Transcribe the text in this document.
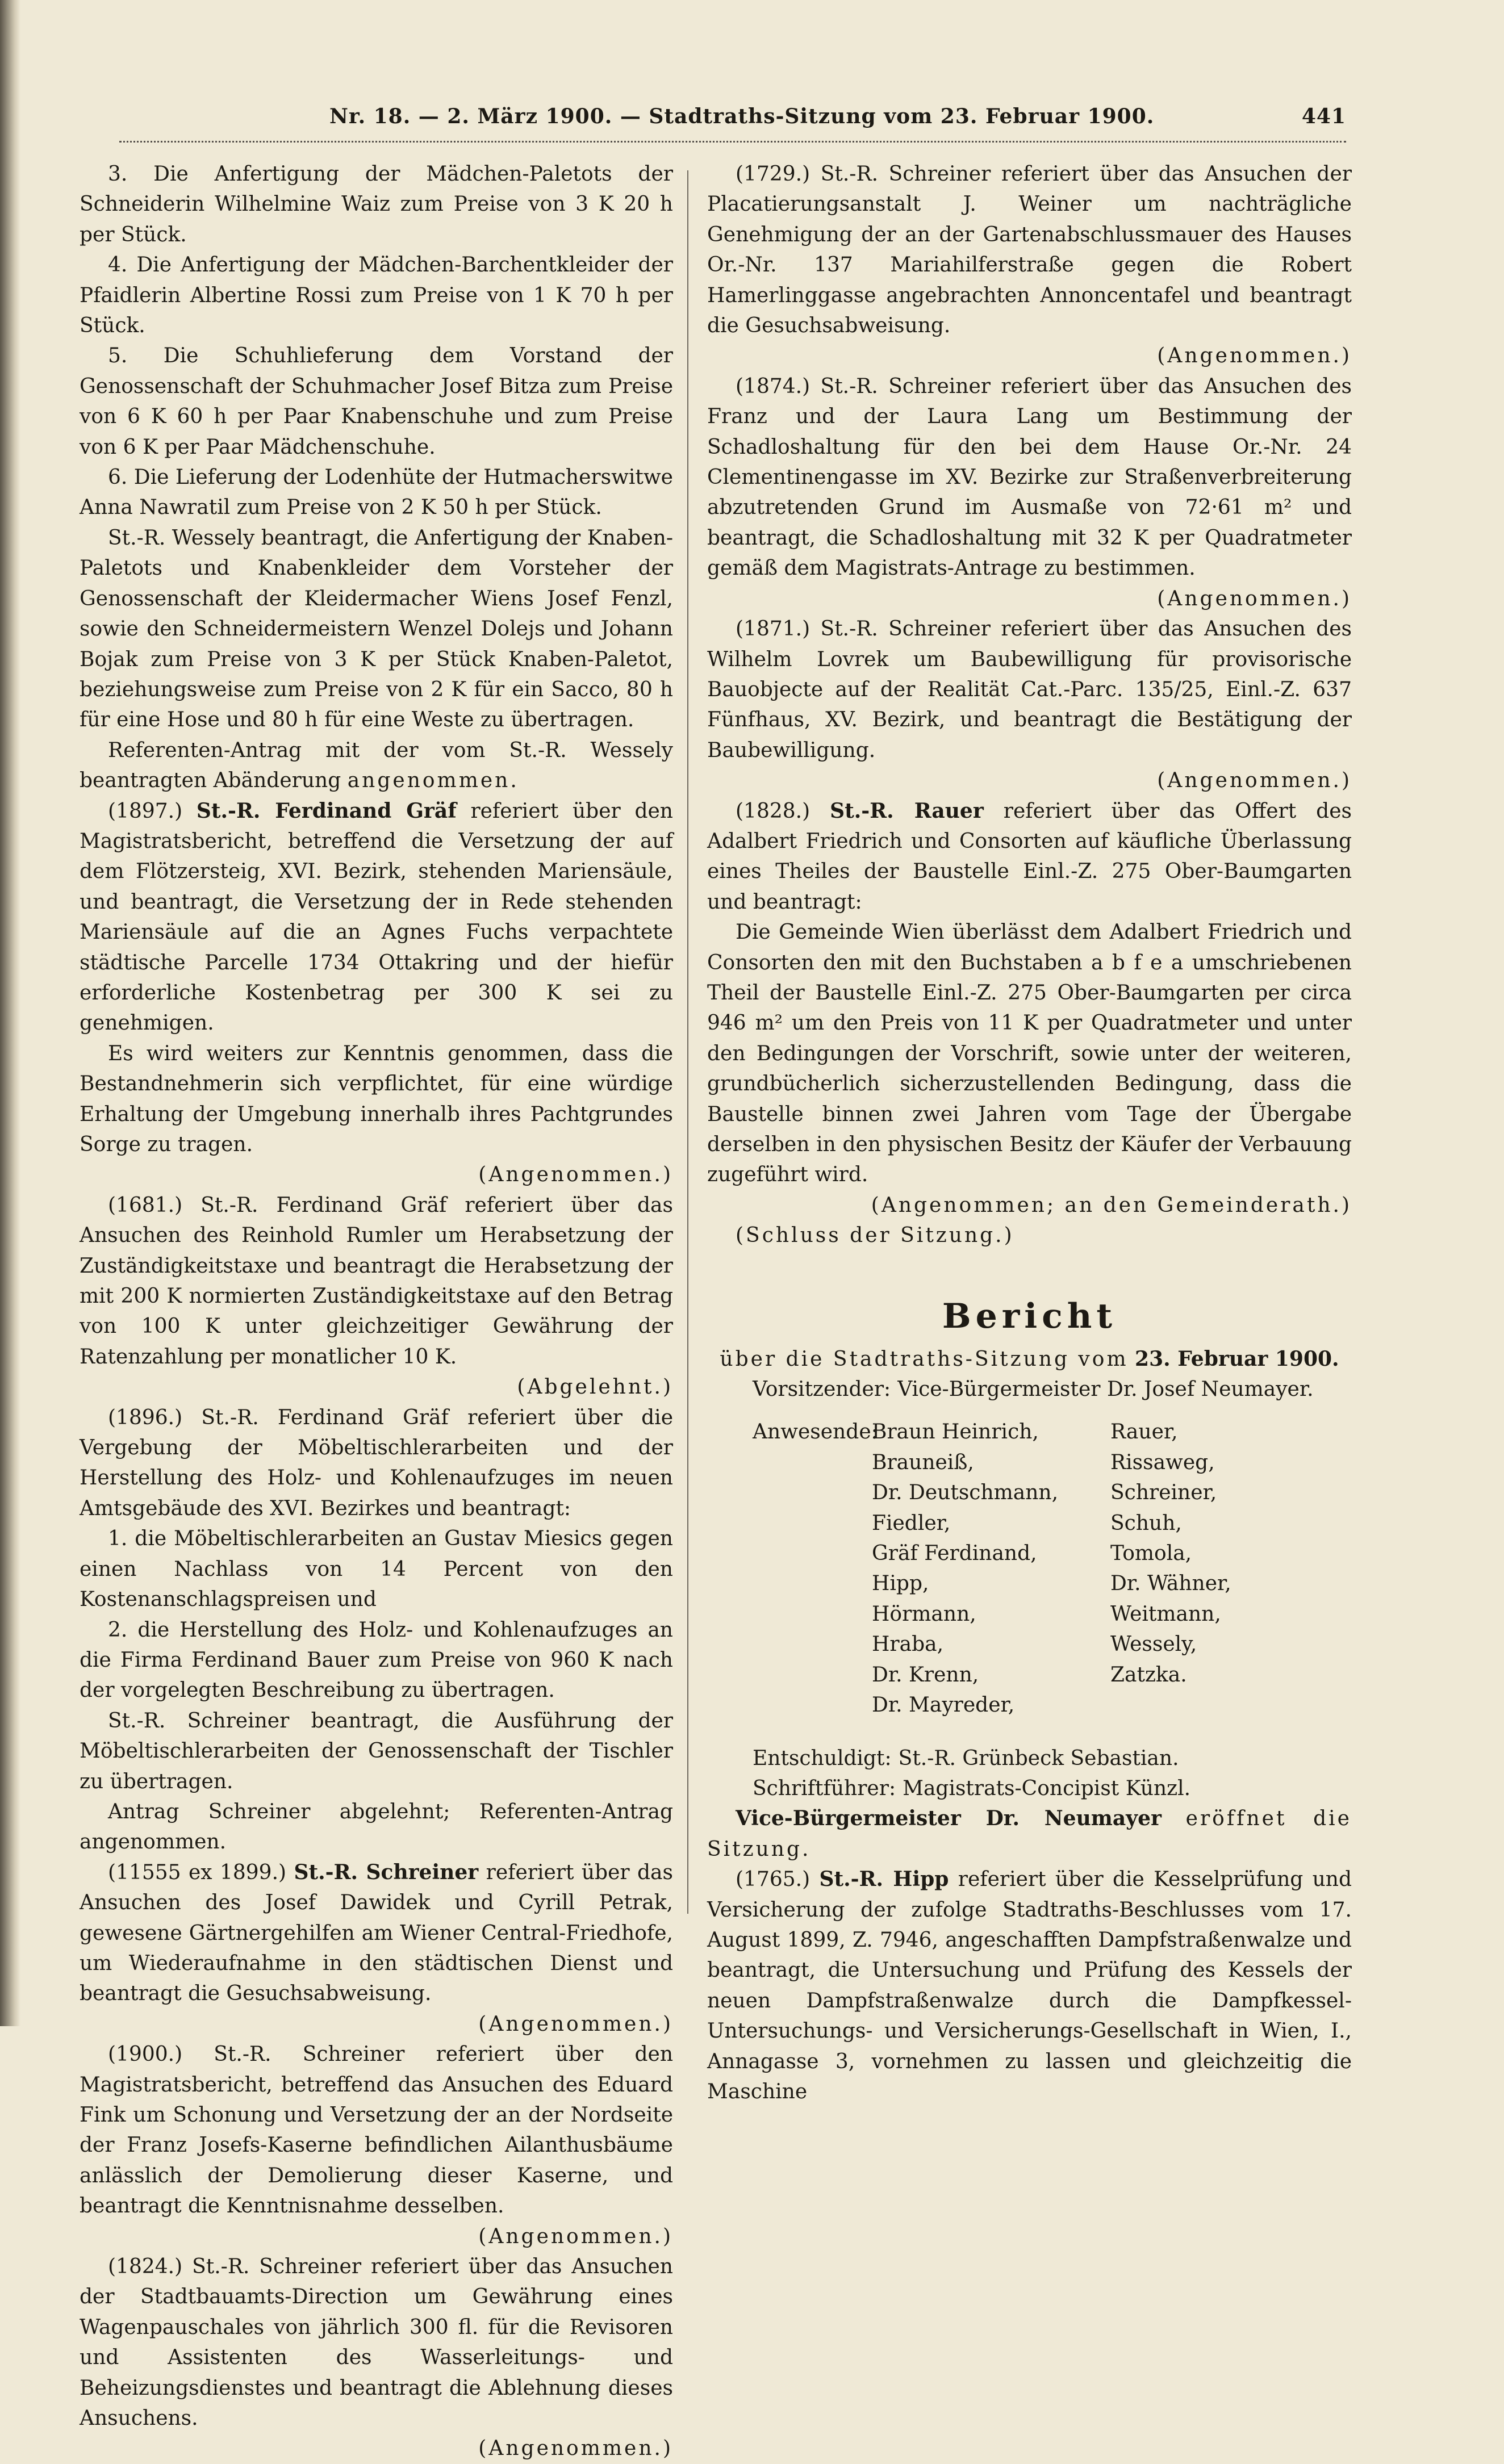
Nr. 18. — 2. März 1900. — Stadtraths-Sitzung vom 23. Februar 1900.	441

3. Die Anfertigung der Mädchen-Paletots der Schneiderin Wilhelmine Waiz zum Preise von 3 K 20 h per Stück.

4. Die Anfertigung der Mädchen-Barchentkleider der Pfaidlerin Albertine Rossi zum Preise von 1 K 70 h per Stück.

5. Die Schuhlieferung dem Vorstand der Genossenschaft der Schuhmacher Josef Bitza zum Preise von 6 K 60 h per Paar Knabenschuhe und zum Preise von 6 K per Paar Mädchenschuhe.

6. Die Lieferung der Lodenhüte der Hutmacherswitwe Anna Nawratil zum Preise von 2 K 50 h per Stück.

St.-R. Wessely beantragt, die Anfertigung der Knaben-Paletots und Knabenkleider dem Vorsteher der Genossenschaft der Kleidermacher Wiens Josef Fenzl, sowie den Schneidermeistern Wenzel Dolejs und Johann Bojak zum Preise von 3 K per Stück Knaben-Paletot, beziehungsweise zum Preise von 2 K für ein Sacco, 80 h für eine Hose und 80 h für eine Weste zu übertragen.

Referenten-Antrag mit der vom St.-R. Wessely beantragten Abänderung angenommen.

(1897.) St.-R. Ferdinand Gräf referiert über den Magistratsbericht, betreffend die Versetzung der auf dem Flötzersteig, XVI. Bezirk, stehenden Mariensäule, und beantragt, die Versetzung der in Rede stehenden Mariensäule auf die an Agnes Fuchs verpachtete städtische Parcelle 1734 Ottakring und der hiefür erforderliche Kostenbetrag per 300 K sei zu genehmigen.

Es wird weiters zur Kenntnis genommen, dass die Bestandnehmerin sich verpflichtet, für eine würdige Erhaltung der Umgebung innerhalb ihres Pachtgrundes Sorge zu tragen.

(Angenommen.)

(1681.) St.-R. Ferdinand Gräf referiert über das Ansuchen des Reinhold Rumler um Herabsetzung der Zuständigkeitstaxe und beantragt die Herabsetzung der mit 200 K normierten Zuständigkeitstaxe auf den Betrag von 100 K unter gleichzeitiger Gewährung der Ratenzahlung per monatlicher 10 K.

(Abgelehnt.)

(1896.) St.-R. Ferdinand Gräf referiert über die Vergebung der Möbeltischlerarbeiten und der Herstellung des Holz- und Kohlenaufzuges im neuen Amtsgebäude des XVI. Bezirkes und beantragt:

1. die Möbeltischlerarbeiten an Gustav Miesics gegen einen Nachlass von 14 Percent von den Kostenanschlagspreisen und

2. die Herstellung des Holz- und Kohlenaufzuges an die Firma Ferdinand Bauer zum Preise von 960 K nach der vorgelegten Beschreibung zu übertragen.

St.-R. Schreiner beantragt, die Ausführung der Möbeltischlerarbeiten der Genossenschaft der Tischler zu übertragen.

Antrag Schreiner abgelehnt; Referenten-Antrag angenommen.

(11555 ex 1899.) St.-R. Schreiner referiert über das Ansuchen des Josef Dawidek und Cyrill Petrak, gewesene Gärtnergehilfen am Wiener Central-Friedhofe, um Wiederaufnahme in den städtischen Dienst und beantragt die Gesuchsabweisung.

(Angenommen.)

(1900.) St.-R. Schreiner referiert über den Magistratsbericht, betreffend das Ansuchen des Eduard Fink um Schonung und Versetzung der an der Nordseite der Franz Josefs-Kaserne befindlichen Ailanthusbäume anlässlich der Demolierung dieser Kaserne, und beantragt die Kenntnisnahme desselben.

(Angenommen.)

(1824.) St.-R. Schreiner referiert über das Ansuchen der Stadtbauamts-Direction um Gewährung eines Wagenpauschales von jährlich 300 fl. für die Revisoren und Assistenten des Wasserleitungs- und Beheizungsdienstes und beantragt die Ablehnung dieses Ansuchens.

(Angenommen.)

(1729.) St.-R. Schreiner referiert über das Ansuchen der Placatierungsanstalt J. Weiner um nachträgliche Genehmigung der an der Gartenabschlussmauer des Hauses Or.-Nr. 137 Mariahilferstraße gegen die Robert Hamerlinggasse angebrachten Annoncentafel und beantragt die Gesuchsabweisung.

(Angenommen.)

(1874.) St.-R. Schreiner referiert über das Ansuchen des Franz und der Laura Lang um Bestimmung der Schadloshaltung für den bei dem Hause Or.-Nr. 24 Clementinengasse im XV. Bezirke zur Straßenverbreiterung abzutretenden Grund im Ausmaße von 72·61 m² und beantragt, die Schadloshaltung mit 32 K per Quadratmeter gemäß dem Magistrats-Antrage zu bestimmen.

(Angenommen.)

(1871.) St.-R. Schreiner referiert über das Ansuchen des Wilhelm Lovrek um Baubewilligung für provisorische Bauobjecte auf der Realität Cat.-Parc. 135/25, Einl.-Z. 637 Fünfhaus, XV. Bezirk, und beantragt die Bestätigung der Baubewilligung.

(Angenommen.)

(1828.) St.-R. Rauer referiert über das Offert des Adalbert Friedrich und Consorten auf käufliche Überlassung eines Theiles der Baustelle Einl.-Z. 275 Ober-Baumgarten und beantragt:

Die Gemeinde Wien überlässt dem Adalbert Friedrich und Consorten den mit den Buchstaben a b f e a umschriebenen Theil der Baustelle Einl.-Z. 275 Ober-Baumgarten per circa 946 m² um den Preis von 11 K per Quadratmeter und unter den Bedingungen der Vorschrift, sowie unter der weiteren, grundbücherlich sicherzustellenden Bedingung, dass die Baustelle binnen zwei Jahren vom Tage der Übergabe derselben in den physischen Besitz der Käufer der Verbauung zugeführt wird.

(Angenommen; an den Gemeinderath.)

(Schluss der Sitzung.)

Bericht

über die Stadtraths-Sitzung vom 23. Februar 1900.

Vorsitzender: Vice-Bürgermeister Dr. Josef Neumayer.
Anwesende:
Braun Heinrich,	Rauer,
Brauneiß,	Rissaweg,
Dr. Deutschmann,	Schreiner,
Fiedler,	Schuh,
Gräf Ferdinand,	Tomola,
Hipp,	Dr. Wähner,
Hörmann,	Weitmann,
Hraba,	Wessely,
Dr. Krenn,	Zatzka.
Dr. Mayreder,
Entschuldigt: St.-R. Grünbeck Sebastian.
Schriftführer: Magistrats-Concipist Künzl.

Vice-Bürgermeister Dr. Neumayer eröffnet die Sitzung.

(1765.) St.-R. Hipp referiert über die Kesselprüfung und Versicherung der zufolge Stadtraths-Beschlusses vom 17. August 1899, Z. 7946, angeschafften Dampfstraßenwalze und beantragt, die Untersuchung und Prüfung des Kessels der neuen Dampfstraßenwalze durch die Dampfkessel-Untersuchungs- und Versicherungs-Gesellschaft in Wien, I., Annagasse 3, vornehmen zu lassen und gleichzeitig die Maschine
